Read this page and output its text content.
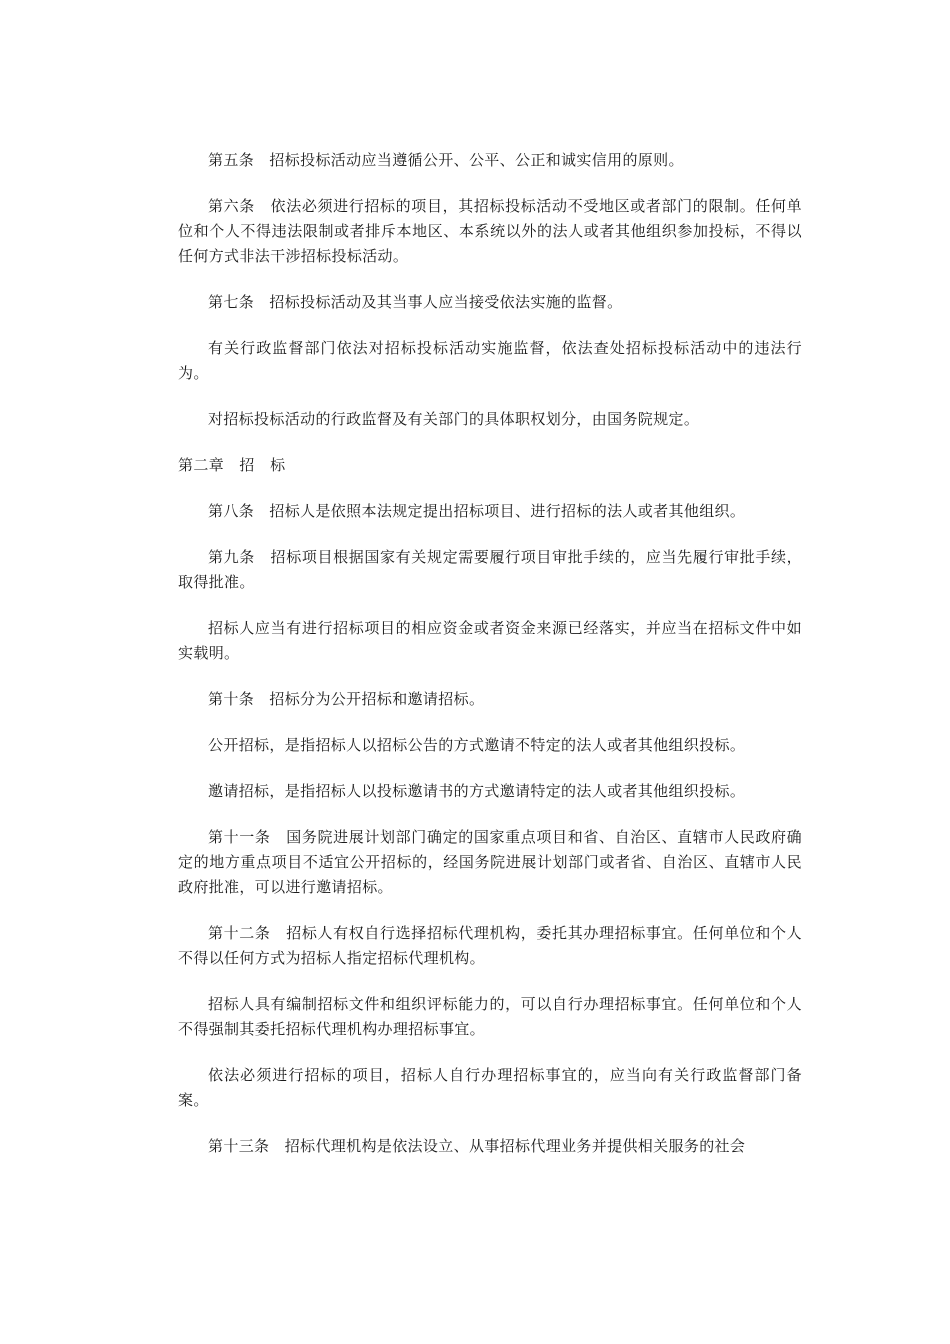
第五条　招标投标活动应当遵循公开、公平、公正和诚实信用的原则。

第六条　依法必须进行招标的项目，其招标投标活动不受地区或者部门的限制。任何单位和个人不得违法限制或者排斥本地区、本系统以外的法人或者其他组织参加投标，不得以任何方式非法干涉招标投标活动。

第七条　招标投标活动及其当事人应当接受依法实施的监督。

有关行政监督部门依法对招标投标活动实施监督，依法查处招标投标活动中的违法行为。

对招标投标活动的行政监督及有关部门的具体职权划分，由国务院规定。

第二章　招　标

第八条　招标人是依照本法规定提出招标项目、进行招标的法人或者其他组织。

第九条　招标项目根据国家有关规定需要履行项目审批手续的，应当先履行审批手续，取得批准。

招标人应当有进行招标项目的相应资金或者资金来源已经落实，并应当在招标文件中如实载明。

第十条　招标分为公开招标和邀请招标。

公开招标，是指招标人以招标公告的方式邀请不特定的法人或者其他组织投标。

邀请招标，是指招标人以投标邀请书的方式邀请特定的法人或者其他组织投标。

第十一条　国务院进展计划部门确定的国家重点项目和省、自治区、直辖市人民政府确定的地方重点项目不适宜公开招标的，经国务院进展计划部门或者省、自治区、直辖市人民政府批准，可以进行邀请招标。

第十二条　招标人有权自行选择招标代理机构，委托其办理招标事宜。任何单位和个人不得以任何方式为招标人指定招标代理机构。

招标人具有编制招标文件和组织评标能力的，可以自行办理招标事宜。任何单位和个人不得强制其委托招标代理机构办理招标事宜。

依法必须进行招标的项目，招标人自行办理招标事宜的，应当向有关行政监督部门备案。

第十三条　招标代理机构是依法设立、从事招标代理业务并提供相关服务的社会
